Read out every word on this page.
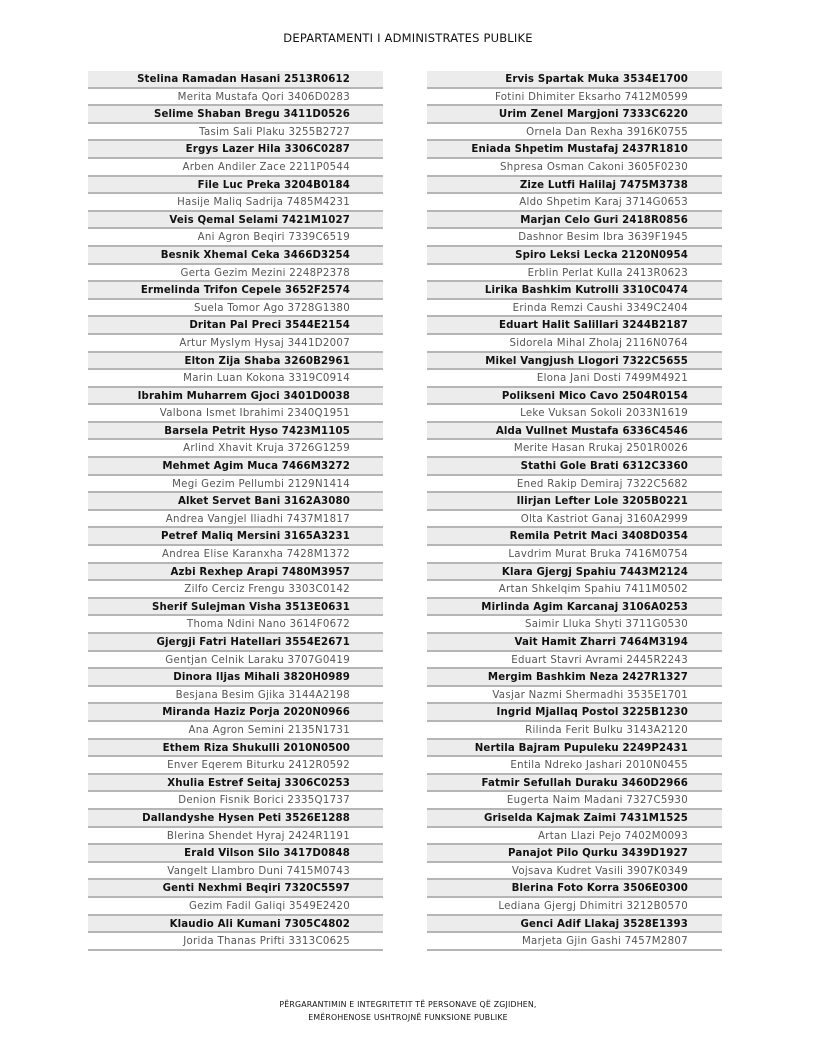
DEPARTAMENTI I ADMINISTRATES PUBLIKE
Stelina Ramadan Hasani 2513R0612
Merita Mustafa Qori 3406D0283
Selime Shaban Bregu 3411D0526
Tasim Sali Plaku 3255B2727
Ergys Lazer Hila 3306C0287
Arben Andiler Zace 2211P0544
File Luc Preka 3204B0184
Hasije Maliq Sadrija 7485M4231
Veis Qemal Selami 7421M1027
Ani Agron Beqiri 7339C6519
Besnik Xhemal Ceka 3466D3254
Gerta Gezim Mezini 2248P2378
Ermelinda Trifon Cepele 3652F2574
Suela Tomor Ago 3728G1380
Dritan Pal Preci 3544E2154
Artur Myslym Hysaj 3441D2007
Elton Zija Shaba 3260B2961
Marin Luan Kokona 3319C0914
Ibrahim Muharrem Gjoci 3401D0038
Valbona Ismet Ibrahimi 2340Q1951
Barsela Petrit Hyso 7423M1105
Arlind Xhavit Kruja 3726G1259
Mehmet Agim Muca 7466M3272
Megi Gezim Pellumbi 2129N1414
Alket Servet Bani 3162A3080
Andrea Vangjel Iliadhi 7437M1817
Petref Maliq Mersini 3165A3231
Andrea Elise Karanxha 7428M1372
Azbi Rexhep Arapi 7480M3957
Zilfo Cerciz Frengu 3303C0142
Sherif Sulejman Visha 3513E0631
Thoma Ndini Nano 3614F0672
Gjergji Fatri Hatellari 3554E2671
Gentjan Celnik Laraku 3707G0419
Dinora Iljas Mihali 3820H0989
Besjana Besim Gjika 3144A2198
Miranda Haziz Porja 2020N0966
Ana Agron Semini 2135N1731
Ethem Riza Shukulli 2010N0500
Enver Eqerem Biturku 2412R0592
Xhulia Estref Seitaj 3306C0253
Denion Fisnik Borici 2335Q1737
Dallandyshe Hysen Peti 3526E1288
Blerina Shendet Hyraj 2424R1191
Erald Vilson Silo 3417D0848
Vangelt Llambro Duni 7415M0743
Genti Nexhmi Beqiri 7320C5597
Gezim Fadil Galiqi 3549E2420
Klaudio Ali Kumani 7305C4802
Jorida Thanas Prifti 3313C0625
Ervis Spartak Muka 3534E1700
Fotini Dhimiter Eksarho 7412M0599
Urim Zenel Margjoni 7333C6220
Ornela Dan Rexha 3916K0755
Eniada Shpetim Mustafaj 2437R1810
Shpresa Osman Cakoni 3605F0230
Zize Lutfi Halilaj 7475M3738
Aldo Shpetim Karaj 3714G0653
Marjan Celo Guri 2418R0856
Dashnor Besim Ibra 3639F1945
Spiro Leksi Lecka 2120N0954
Erblin Perlat Kulla 2413R0623
Lirika Bashkim Kutrolli 3310C0474
Erinda Remzi Caushi 3349C2404
Eduart Halit Salillari 3244B2187
Sidorela Mihal Zholaj 2116N0764
Mikel Vangjush Llogori 7322C5655
Elona Jani Dosti 7499M4921
Polikseni Mico Cavo 2504R0154
Leke Vuksan Sokoli 2033N1619
Alda Vullnet Mustafa 6336C4546
Merite Hasan Rrukaj 2501R0026
Stathi Gole Brati 6312C3360
Ened Rakip Demiraj 7322C5682
Ilirjan Lefter Lole 3205B0221
Olta Kastriot Ganaj 3160A2999
Remila Petrit Maci 3408D0354
Lavdrim Murat Bruka 7416M0754
Klara Gjergj Spahiu 7443M2124
Artan Shkelqim Spahiu 7411M0502
Mirlinda Agim Karcanaj 3106A0253
Saimir Lluka Shyti 3711G0530
Vait Hamit Zharri 7464M3194
Eduart Stavri Avrami 2445R2243
Mergim Bashkim Neza 2427R1327
Vasjar Nazmi Shermadhi 3535E1701
Ingrid Mjallaq Postol 3225B1230
Rilinda Ferit Bulku 3143A2120
Nertila Bajram Pupuleku 2249P2431
Entila Ndreko Jashari 2010N0455
Fatmir Sefullah Duraku 3460D2966
Eugerta Naim Madani 7327C5930
Griselda Kajmak Zaimi 7431M1525
Artan Llazi Pejo 7402M0093
Panajot Pilo Qurku 3439D1927
Vojsava Kudret Vasili 3907K0349
Blerina Foto Korra 3506E0300
Lediana Gjergj Dhimitri 3212B0570
Genci Adif Llakaj 3528E1393
Marjeta Gjin Gashi 7457M2807
PËRGARANTIMIN E INTEGRITETIT TË PERSONAVE QË ZGJIDHEN,
EMËROHENOSE USHTROJNË FUNKSIONE PUBLIKE
